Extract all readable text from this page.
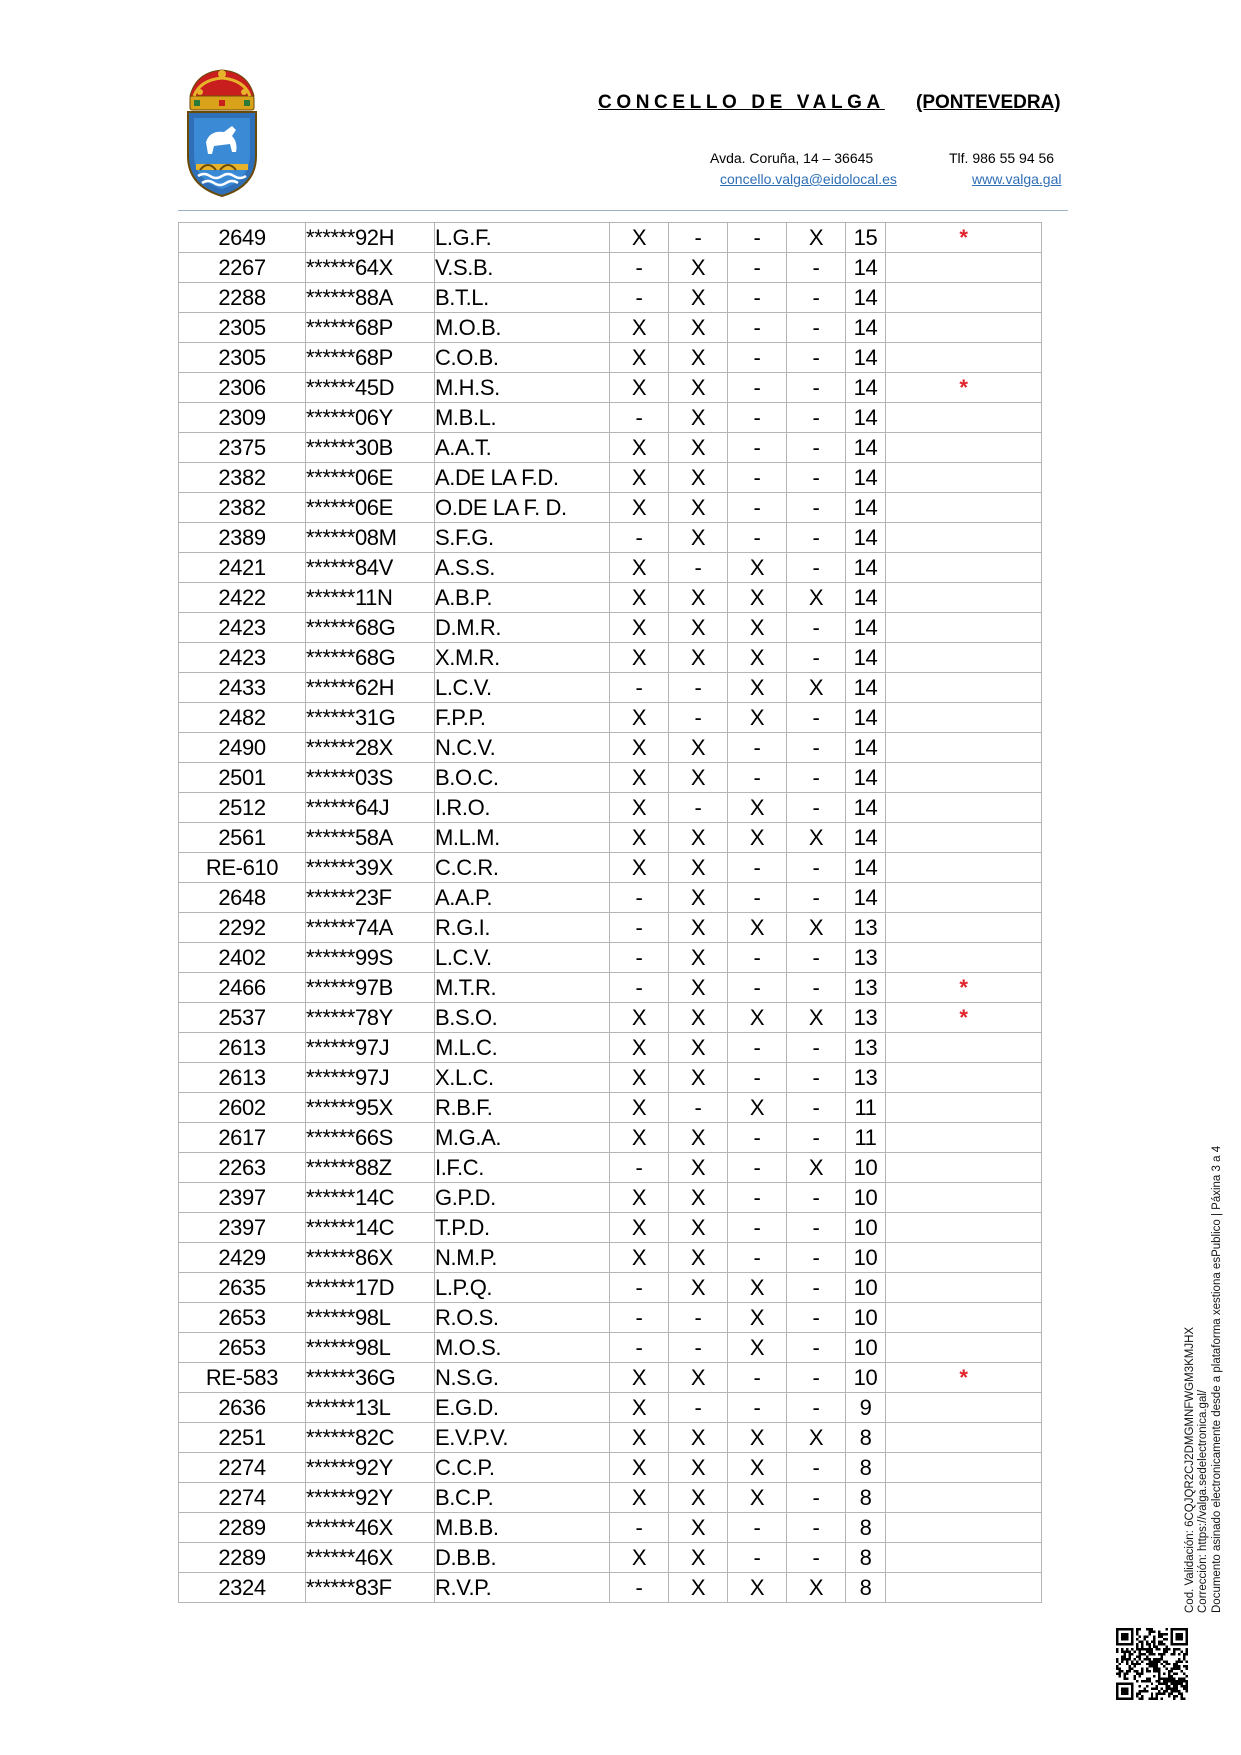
CONCELLO DE VALGA (PONTEVEDRA)
Avda. Coruña, 14 – 36645	Tlf. 986 55 94 56
concello.valga@eidolocal.es	www.valga.gal
2649	******92H	L.G.F.	X	-	-	X	15	*
2267	******64X	V.S.B.	-	X	-	-	14	
2288	******88A	B.T.L.	-	X	-	-	14	
2305	******68P	M.O.B.	X	X	-	-	14	
2305	******68P	C.O.B.	X	X	-	-	14	
2306	******45D	M.H.S.	X	X	-	-	14	*
2309	******06Y	M.B.L.	-	X	-	-	14	
2375	******30B	A.A.T.	X	X	-	-	14	
2382	******06E	A.DE LA F.D.	X	X	-	-	14	
2382	******06E	O.DE LA F. D.	X	X	-	-	14	
2389	******08M	S.F.G.	-	X	-	-	14	
2421	******84V	A.S.S.	X	-	X	-	14	
2422	******11N	A.B.P.	X	X	X	X	14	
2423	******68G	D.M.R.	X	X	X	-	14	
2423	******68G	X.M.R.	X	X	X	-	14	
2433	******62H	L.C.V.	-	-	X	X	14	
2482	******31G	F.P.P.	X	-	X	-	14	
2490	******28X	N.C.V.	X	X	-	-	14	
2501	******03S	B.O.C.	X	X	-	-	14	
2512	******64J	I.R.O.	X	-	X	-	14	
2561	******58A	M.L.M.	X	X	X	X	14	
RE-610	******39X	C.C.R.	X	X	-	-	14	
2648	******23F	A.A.P.	-	X	-	-	14	
2292	******74A	R.G.I.	-	X	X	X	13	
2402	******99S	L.C.V.	-	X	-	-	13	
2466	******97B	M.T.R.	-	X	-	-	13	*
2537	******78Y	B.S.O.	X	X	X	X	13	*
2613	******97J	M.L.C.	X	X	-	-	13	
2613	******97J	X.L.C.	X	X	-	-	13	
2602	******95X	R.B.F.	X	-	X	-	11	
2617	******66S	M.G.A.	X	X	-	-	11	
2263	******88Z	I.F.C.	-	X	-	X	10	
2397	******14C	G.P.D.	X	X	-	-	10	
2397	******14C	T.P.D.	X	X	-	-	10	
2429	******86X	N.M.P.	X	X	-	-	10	
2635	******17D	L.P.Q.	-	X	X	-	10	
2653	******98L	R.O.S.	-	-	X	-	10	
2653	******98L	M.O.S.	-	-	X	-	10	
RE-583	******36G	N.S.G.	X	X	-	-	10	*
2636	******13L	E.G.D.	X	-	-	-	9	
2251	******82C	E.V.P.V.	X	X	X	X	8	
2274	******92Y	C.C.P.	X	X	X	-	8	
2274	******92Y	B.C.P.	X	X	X	-	8	
2289	******46X	M.B.B.	-	X	-	-	8	
2289	******46X	D.B.B.	X	X	-	-	8	
2324	******83F	R.V.P.	-	X	X	X	8		Cod. Validación: 6CQJQR2CJ2DMGMNFWGM3KMJHX Corrección: https://valga.sedelectronica.gal/ Documento asinado electronicamente desde a plataforma xestiona esPublico | Páxina 3 a 4
